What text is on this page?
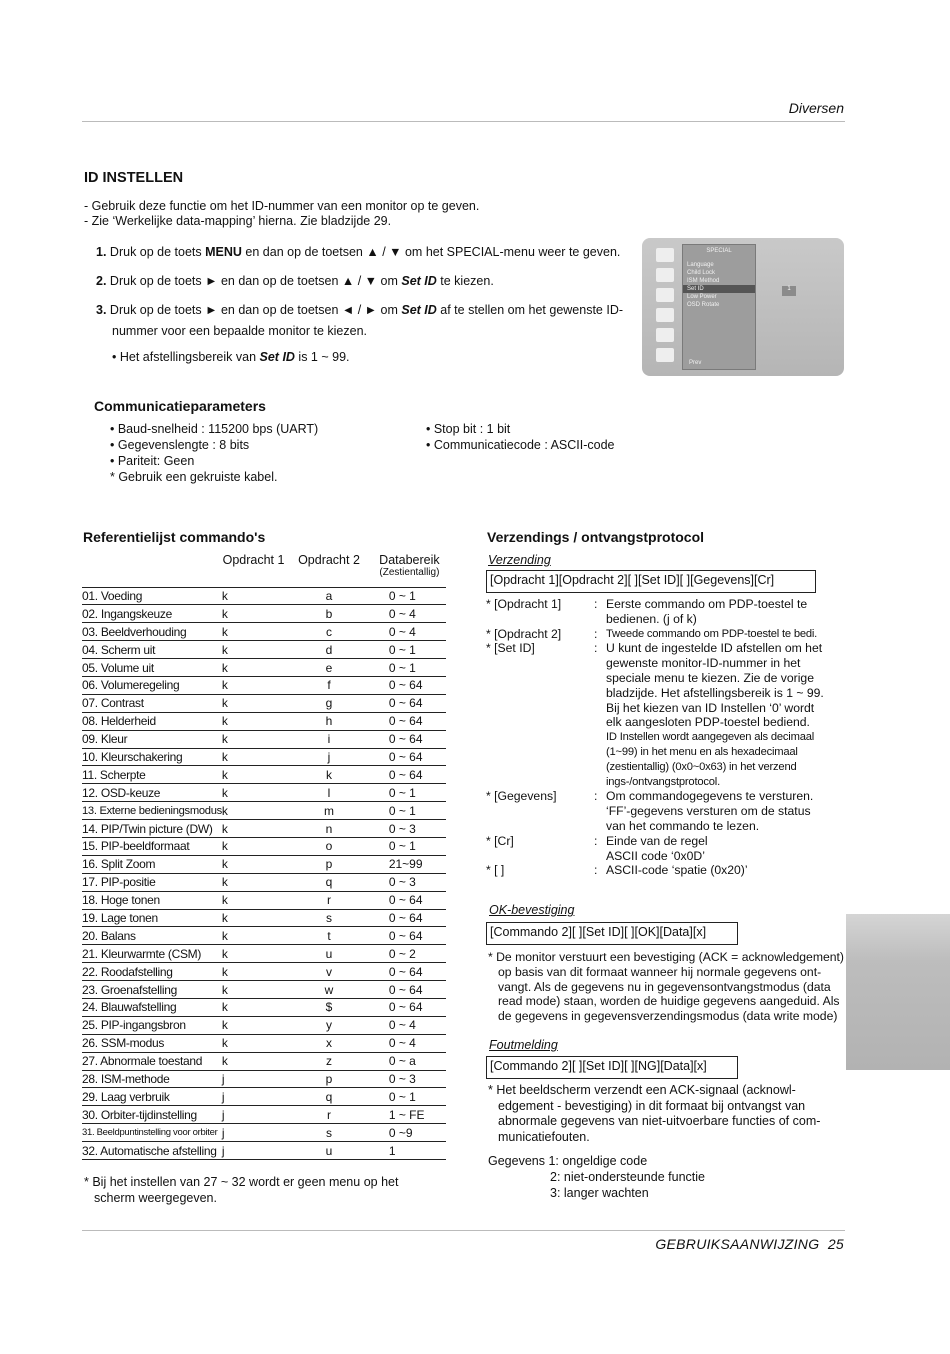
Diversen
ID INSTELLEN
- Gebruik deze functie om het ID-nummer van een monitor op te geven.
- Zie ‘Werkelijke data-mapping’ hierna. Zie bladzijde 29.
1. Druk op de toets MENU en dan op de toetsen ▲ / ▼ om het SPECIAL-menu weer te geven.
2. Druk op de toets ► en dan op de toetsen ▲ / ▼ om Set ID te kiezen.
3. Druk op de toets ► en dan op de toetsen ◄ / ► om Set ID af te stellen om het gewenste ID-nummer voor een bepaalde monitor te kiezen.
• Het afstellingsbereik van Set ID is 1 ~ 99.
SPECIAL
Language
Child Lock
ISM Method
Set ID
Low Power
OSD Rotate
Prev
1
Communicatieparameters
• Baud-snelheid : 115200 bps (UART)
• Gegevenslengte : 8 bits
• Pariteit: Geen
* Gebruik een gekruiste kabel.
• Stop bit : 1 bit
• Communicatiecode : ASCII-code
Referentielijst commando's
	Opdracht 1	Opdracht 2	Databereik
(Zestientallig)

01. Voeding	k	a	0 ~ 1
02. Ingangskeuze	k	b	0 ~ 4
03. Beeldverhouding	k	c	0 ~ 4
04. Scherm uit	k	d	0 ~ 1
05. Volume uit	k	e	0 ~ 1
06. Volumeregeling	k	f	0 ~ 64
07. Contrast	k	g	0 ~ 64
08. Helderheid	k	h	0 ~ 64
09. Kleur	k	i	0 ~ 64
10. Kleurschakering	k	j	0 ~ 64
11. Scherpte	k	k	0 ~ 64
12. OSD-keuze	k	l	0 ~ 1
13. Externe bedieningsmodus	k	m	0 ~ 1
14. PIP/Twin picture (DW)	k	n	0 ~ 3
15. PIP-beeldformaat	k	o	0 ~ 1
16. Split Zoom	k	p	21~99
17. PIP-positie	k	q	0 ~ 3
18. Hoge tonen	k	r	0 ~ 64
19. Lage tonen	k	s	0 ~ 64
20. Balans	k	t	0 ~ 64
21. Kleurwarmte (CSM)	k	u	0 ~ 2
22. Roodafstelling	k	v	0 ~ 64
23. Groenafstelling	k	w	0 ~ 64
24. Blauwafstelling	k	$	0 ~ 64
25. PIP-ingangsbron	k	y	0 ~ 4
26. SSM-modus	k	x	0 ~ 4
27. Abnormale toestand	k	z	0 ~ a
28. ISM-methode	j	p	0 ~ 3
29. Laag verbruik	j	q	0 ~ 1
30. Orbiter-tijdinstelling	j	r	1 ~ FE
31. Beeldpuntinstelling voor orbiter	j	s	0 ~9
32. Automatische afstelling	j	u	1
* Bij het instellen van 27 ~ 32 wordt er geen menu op het
scherm weergegeven.
Verzendings / ontvangstprotocol
Verzending
[Opdracht 1][Opdracht 2][ ][Set ID][ ][Gegevens][Cr]
* [Opdracht 1]	: Eerste commando om PDP-toestel te
bedienen. (j of k)
* [Opdracht 2]	: Tweede commando om PDP-toestel te bedi.
* [Set ID]	: U kunt de ingestelde ID afstellen om het
gewenste monitor-ID-nummer in het
speciale menu te kiezen. Zie de vorige
bladzijde. Het afstellingsbereik is 1 ~ 99.
Bij het kiezen van ID Instellen ‘0’ wordt
elk aangesloten PDP-toestel bediend.
ID Instellen wordt aangegeven als decimaal
(1~99) in het menu en als hexadecimaal
(zestientallig) (0x0~0x63) in het verzend
ings-/ontvangstprotocol.
* [Gegevens]	: Om commandogegevens te versturen.
‘FF’-gegevens versturen om de status
van het commando te lezen.
* [Cr]	: Einde van de regel
ASCII code ‘0x0D’
* [ ]	: ASCII-code ‘spatie (0x20)’
OK-bevestiging
[Commando 2][ ][Set ID][ ][OK][Data][x]
* De monitor verstuurt een bevestiging (ACK = acknowledgement)
op basis van dit formaat wanneer hij normale gegevens ont-
vangt. Als de gegevens nu in gegevensontvangstmodus (data
read mode) staan, worden de huidige gegevens aangeduid. Als
de gegevens in gegevensverzendingsmodus (data write mode)
Foutmelding
[Commando 2][ ][Set ID][ ][NG][Data][x]
* Het beeldscherm verzendt een ACK-signaal (acknowl-
edgement - bevestiging) in dit formaat bij ontvangst van
abnormale gegevens van niet-uitvoerbare functies of com-
municatiefouten.
Gegevens 1: ongeldige code
2: niet-ondersteunde functie
3: langer wachten
GEBRUIKSAANWIJZING 25
